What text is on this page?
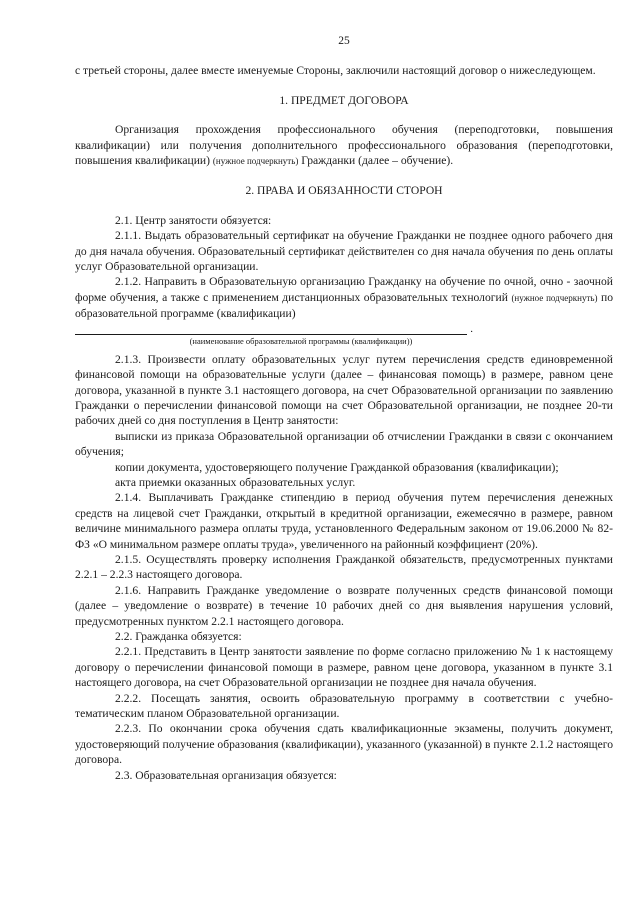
25

с третьей стороны, далее вместе именуемые Стороны, заключили настоящий договор о нижеследующем.

1. ПРЕДМЕТ ДОГОВОРА

Организация прохождения профессионального обучения (переподготовки, повышения квалификации) или получения дополнительного профессионального образования (переподготовки, повышения квалификации) (нужное подчеркнуть) Гражданки (далее – обучение).

2. ПРАВА И ОБЯЗАННОСТИ СТОРОН

2.1. Центр занятости обязуется:

2.1.1. Выдать образовательный сертификат на обучение Гражданки не позднее одного рабочего дня до дня начала обучения. Образовательный сертификат действителен со дня начала обучения по день оплаты услуг Образовательной организации.

2.1.2. Направить в Образовательную организацию Гражданку на обучение по очной, очно - заочной форме обучения, а также с применением дистанционных образовательных технологий (нужное подчеркнуть) по образовательной программе (квалификации)

.
(наименование образовательной программы (квалификации))

2.1.3. Произвести оплату образовательных услуг путем перечисления средств единовременной финансовой помощи на образовательные услуги (далее – финансовая помощь) в размере, равном цене договора, указанной в пункте 3.1 настоящего договора, на счет Образовательной организации по заявлению Гражданки о перечислении финансовой помощи на счет Образовательной организации, не позднее 20-ти рабочих дней со дня поступления в Центр занятости:

выписки из приказа Образовательной организации об отчислении Гражданки в связи с окончанием обучения;

копии документа, удостоверяющего получение Гражданкой образования (квалификации);

акта приемки оказанных образовательных услуг.

2.1.4. Выплачивать Гражданке стипендию в период обучения путем перечисления денежных средств на лицевой счет Гражданки, открытый в кредитной организации, ежемесячно в размере, равном величине минимального размера оплаты труда, установленного Федеральным законом от 19.06.2000 № 82-ФЗ «О минимальном размере оплаты труда», увеличенного на районный коэффициент (20%).

2.1.5. Осуществлять проверку исполнения Гражданкой обязательств, предусмотренных пунктами 2.2.1 – 2.2.3 настоящего договора.

2.1.6. Направить Гражданке уведомление о возврате полученных средств финансовой помощи (далее – уведомление о возврате) в течение 10 рабочих дней со дня выявления нарушения условий, предусмотренных пунктом 2.2.1 настоящего договора.

2.2. Гражданка обязуется:

2.2.1. Представить в Центр занятости заявление по форме согласно приложению № 1 к настоящему договору о перечислении финансовой помощи в размере, равном цене договора, указанном в пункте 3.1 настоящего договора, на счет Образовательной организации не позднее дня начала обучения.

2.2.2. Посещать занятия, освоить образовательную программу в соответствии с учебно-тематическим планом Образовательной организации.

2.2.3. По окончании срока обучения сдать квалификационные экзамены, получить документ, удостоверяющий получение образования (квалификации), указанного (указанной) в пункте 2.1.2 настоящего договора.

2.3. Образовательная организация обязуется:
